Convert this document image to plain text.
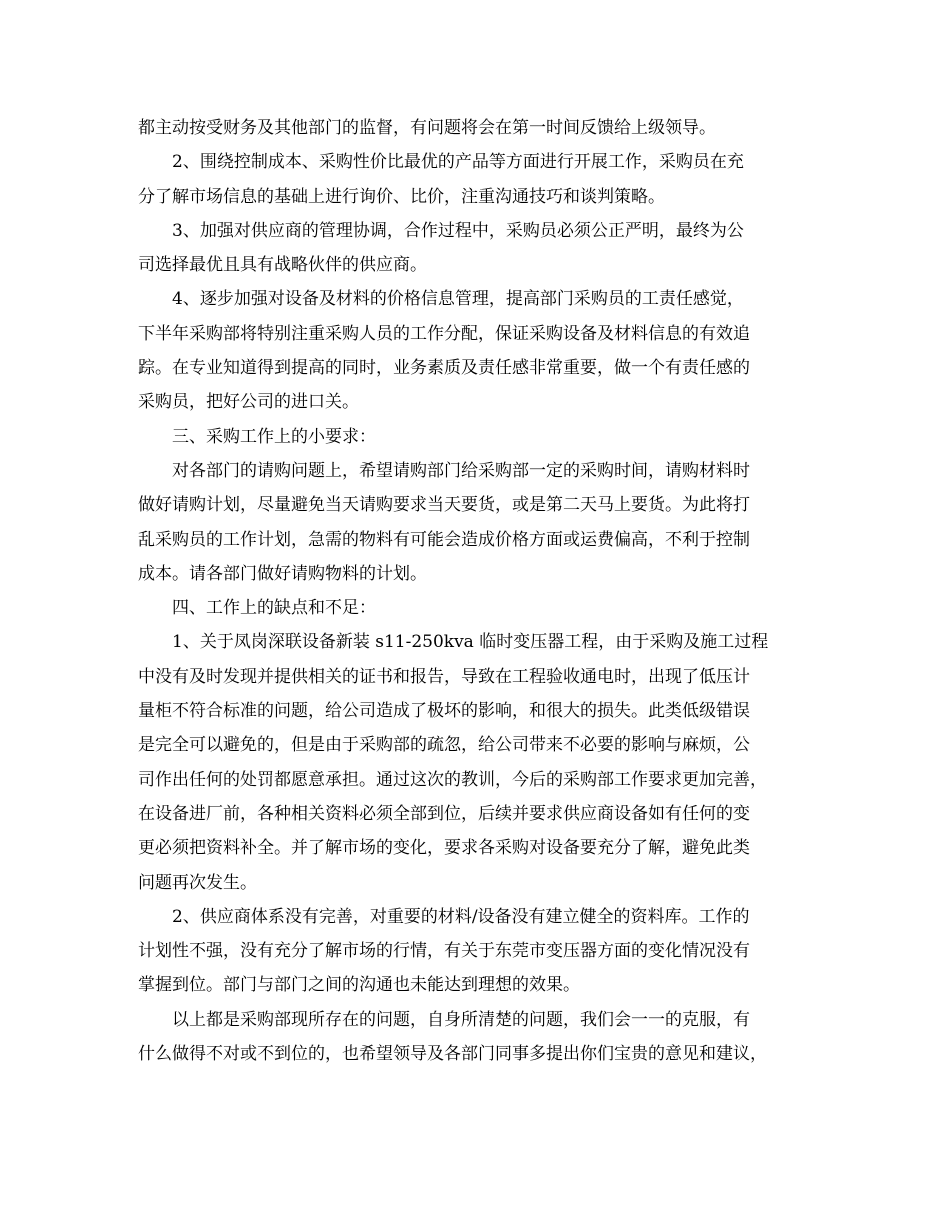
都主动按受财务及其他部门的监督，有问题将会在第一时间反馈给上级领导。
2、围绕控制成本、采购性价比最优的产品等方面进行开展工作，采购员在充
分了解市场信息的基础上进行询价、比价，注重沟通技巧和谈判策略。
3、加强对供应商的管理协调，合作过程中，采购员必须公正严明，最终为公
司选择最优且具有战略伙伴的供应商。
4、逐步加强对设备及材料的价格信息管理，提高部门采购员的工责任感觉，
下半年采购部将特别注重采购人员的工作分配，保证采购设备及材料信息的有效追
踪。在专业知道得到提高的同时，业务素质及责任感非常重要，做一个有责任感的
采购员，把好公司的进口关。
三、采购工作上的小要求：
对各部门的请购问题上，希望请购部门给采购部一定的采购时间，请购材料时
做好请购计划，尽量避免当天请购要求当天要货，或是第二天马上要货。为此将打
乱采购员的工作计划，急需的物料有可能会造成价格方面或运费偏高，不利于控制
成本。请各部门做好请购物料的计划。
四、工作上的缺点和不足：
1、关于凤岗深联设备新装 s11-250kva 临时变压器工程，由于采购及施工过程
中没有及时发现并提供相关的证书和报告，导致在工程验收通电时，出现了低压计
量柜不符合标准的问题，给公司造成了极坏的影响，和很大的损失。此类低级错误
是完全可以避免的，但是由于采购部的疏忽，给公司带来不必要的影响与麻烦，公
司作出任何的处罚都愿意承担。通过这次的教训，今后的采购部工作要求更加完善，
在设备进厂前，各种相关资料必须全部到位，后续并要求供应商设备如有任何的变
更必须把资料补全。并了解市场的变化，要求各采购对设备要充分了解，避免此类
问题再次发生。
2、供应商体系没有完善，对重要的材料/设备没有建立健全的资料库。工作的
计划性不强，没有充分了解市场的行情，有关于东莞市变压器方面的变化情况没有
掌握到位。部门与部门之间的沟通也未能达到理想的效果。
以上都是采购部现所存在的问题，自身所清楚的问题，我们会一一的克服，有
什么做得不对或不到位的，也希望领导及各部门同事多提出你们宝贵的意见和建议，
